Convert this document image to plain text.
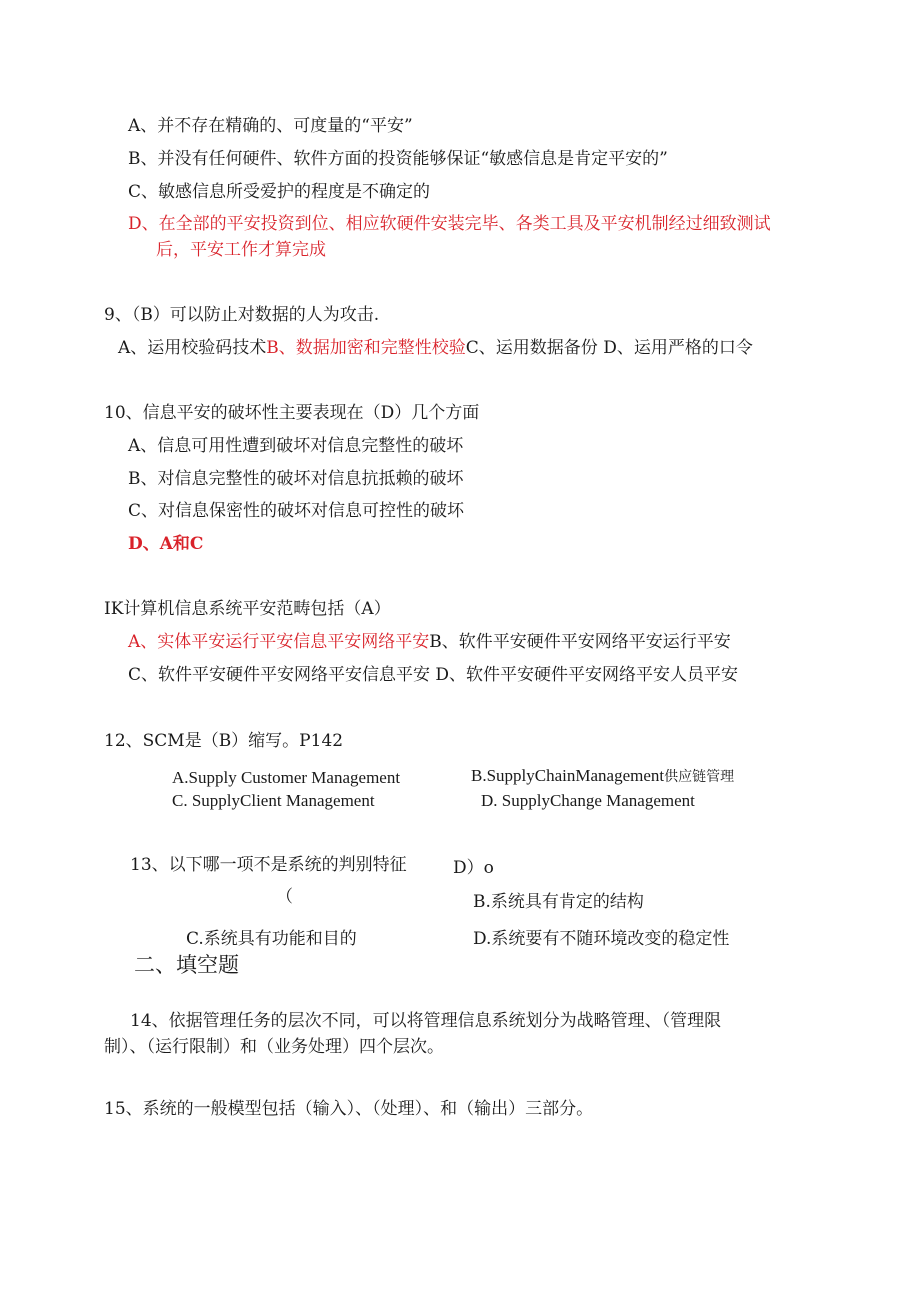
A、并不存在精确的、可度量的“平安”
B、并没有任何硬件、软件方面的投资能够保证“敏感信息是肯定平安的”
C、敏感信息所受爱护的程度是不确定的
D、在全部的平安投资到位、相应软硬件安装完毕、各类工具及平安机制经过细致测试
后，平安工作才算完成
9、（B）可以防止对数据的人为攻击.
A、运用校验码技术B、数据加密和完整性校验C、运用数据备份 D、运用严格的口令
10、信息平安的破坏性主要表现在（D）几个方面
A、信息可用性遭到破坏对信息完整性的破坏
B、对信息完整性的破坏对信息抗抵赖的破坏
C、对信息保密性的破坏对信息可控性的破坏
D、A和C
IK计算机信息系统平安范畴包括（A）
A、实体平安运行平安信息平安网络平安B、软件平安硬件平安网络平安运行平安
C、软件平安硬件平安网络平安信息平安 D、软件平安硬件平安网络平安人员平安
12、SCM是（B）缩写。P142
A.Supply Customer Management	B.SupplyChainManagement供应链管理
C. SupplyClient Management	D. SupplyChange Management
13、以下哪一项不是系统的判别特征	D）o
（	B.系统具有肯定的结构
C.系统具有功能和目的	D.系统要有不随环境改变的稳定性
二、填空题
14、依据管理任务的层次不同，可以将管理信息系统划分为战略管理、（管理限
制）、（运行限制）和（业务处理）四个层次。
15、系统的一般模型包括（输入）、（处理）、和（输出）三部分。
